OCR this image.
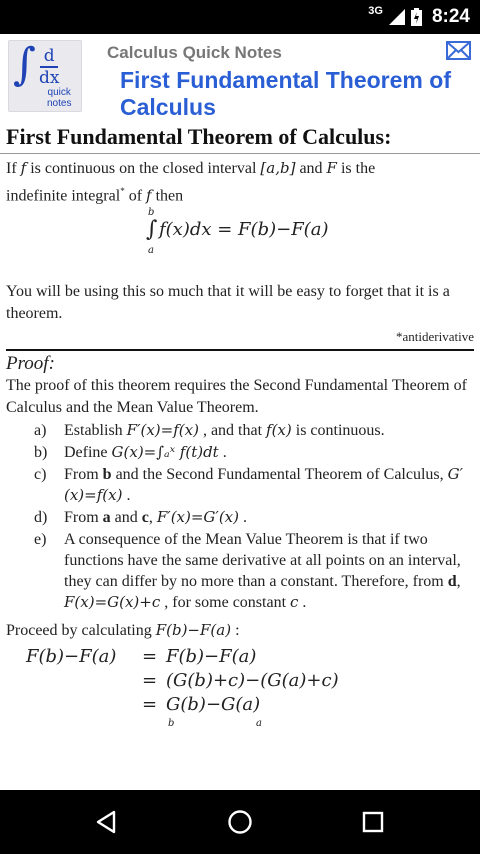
3G	8:24
∫ d
dx
quick
notes
Calculus Quick Notes
First Fundamental Theorem of Calculus
First Fundamental Theorem of Calculus:
If f is continuous on the closed interval [a,b] and F is the
indefinite integral* of f then
b
∫
a
f(x)dx = F(b)−F(a)
You will be using this so much that it will be easy to forget that it is a theorem.
*antiderivative
Proof:
The proof of this theorem requires the Second Fundamental Theorem of Calculus and the Mean Value Theorem.
a) Establish F′(x)=f(x) , and that f(x) is continuous.
b) Define G(x)=∫ₐˣ f(t)dt .
c) From b and the Second Fundamental Theorem of Calculus, G′(x)=f(x) .
d) From a and c, F′(x)=G′(x) .
e) A consequence of the Mean Value Theorem is that if two functions have the same derivative at all points on an interval, they can differ by no more than a constant. Therefore, from d, F(x)=G(x)+c , for some constant c .
Proceed by calculating F(b)−F(a) :
F(b)−F(a) = F(b)−F(a)
= (G(b)+c)−(G(a)+c)
= G(b)−G(a)
b	a
